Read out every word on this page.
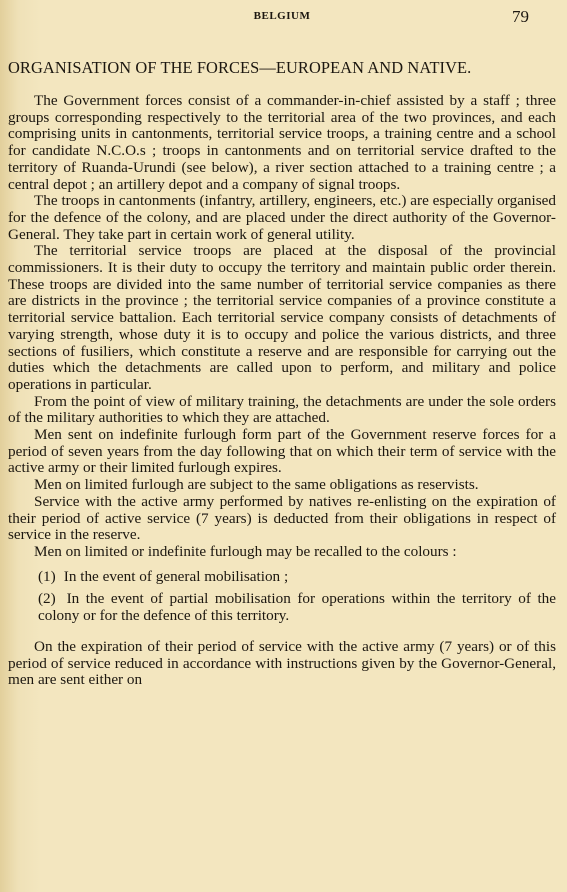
BELGIUM	79
ORGANISATION OF THE FORCES—EUROPEAN AND NATIVE.

The Government forces consist of a commander-in-chief assisted by a staff ; three groups corresponding respectively to the territorial area of the two provinces, and each comprising units in cantonments, territorial service troops, a training centre and a school for candidate N.C.O.s ; troops in cantonments and on territorial service drafted to the territory of Ruanda-Urundi (see below), a river section attached to a training centre ; a central depot ; an artillery depot and a company of signal troops.

The troops in cantonments (infantry, artillery, engineers, etc.) are especially organised for the defence of the colony, and are placed under the direct authority of the Governor-General. They take part in certain work of general utility.

The territorial service troops are placed at the disposal of the provincial commissioners. It is their duty to occupy the territory and maintain public order therein. These troops are divided into the same number of territorial service companies as there are districts in the province ; the territorial service companies of a province constitute a territorial service battalion. Each territorial service company consists of detachments of varying strength, whose duty it is to occupy and police the various districts, and three sections of fusiliers, which constitute a reserve and are responsible for carrying out the duties which the detachments are called upon to perform, and military and police operations in particular.

From the point of view of military training, the detachments are under the sole orders of the military authorities to which they are attached.

Men sent on indefinite furlough form part of the Government reserve forces for a period of seven years from the day following that on which their term of service with the active army or their limited furlough expires.

Men on limited furlough are subject to the same obligations as reservists.

Service with the active army performed by natives re-enlisting on the expiration of their period of active service (7 years) is deducted from their obligations in respect of service in the reserve.

Men on limited or indefinite furlough may be recalled to the colours :

(1) In the event of general mobilisation ;

(2) In the event of partial mobilisation for operations within the territory of the colony or for the defence of this territory.

On the expiration of their period of service with the active army (7 years) or of this period of service reduced in accordance with instructions given by the Governor-General, men are sent either on
